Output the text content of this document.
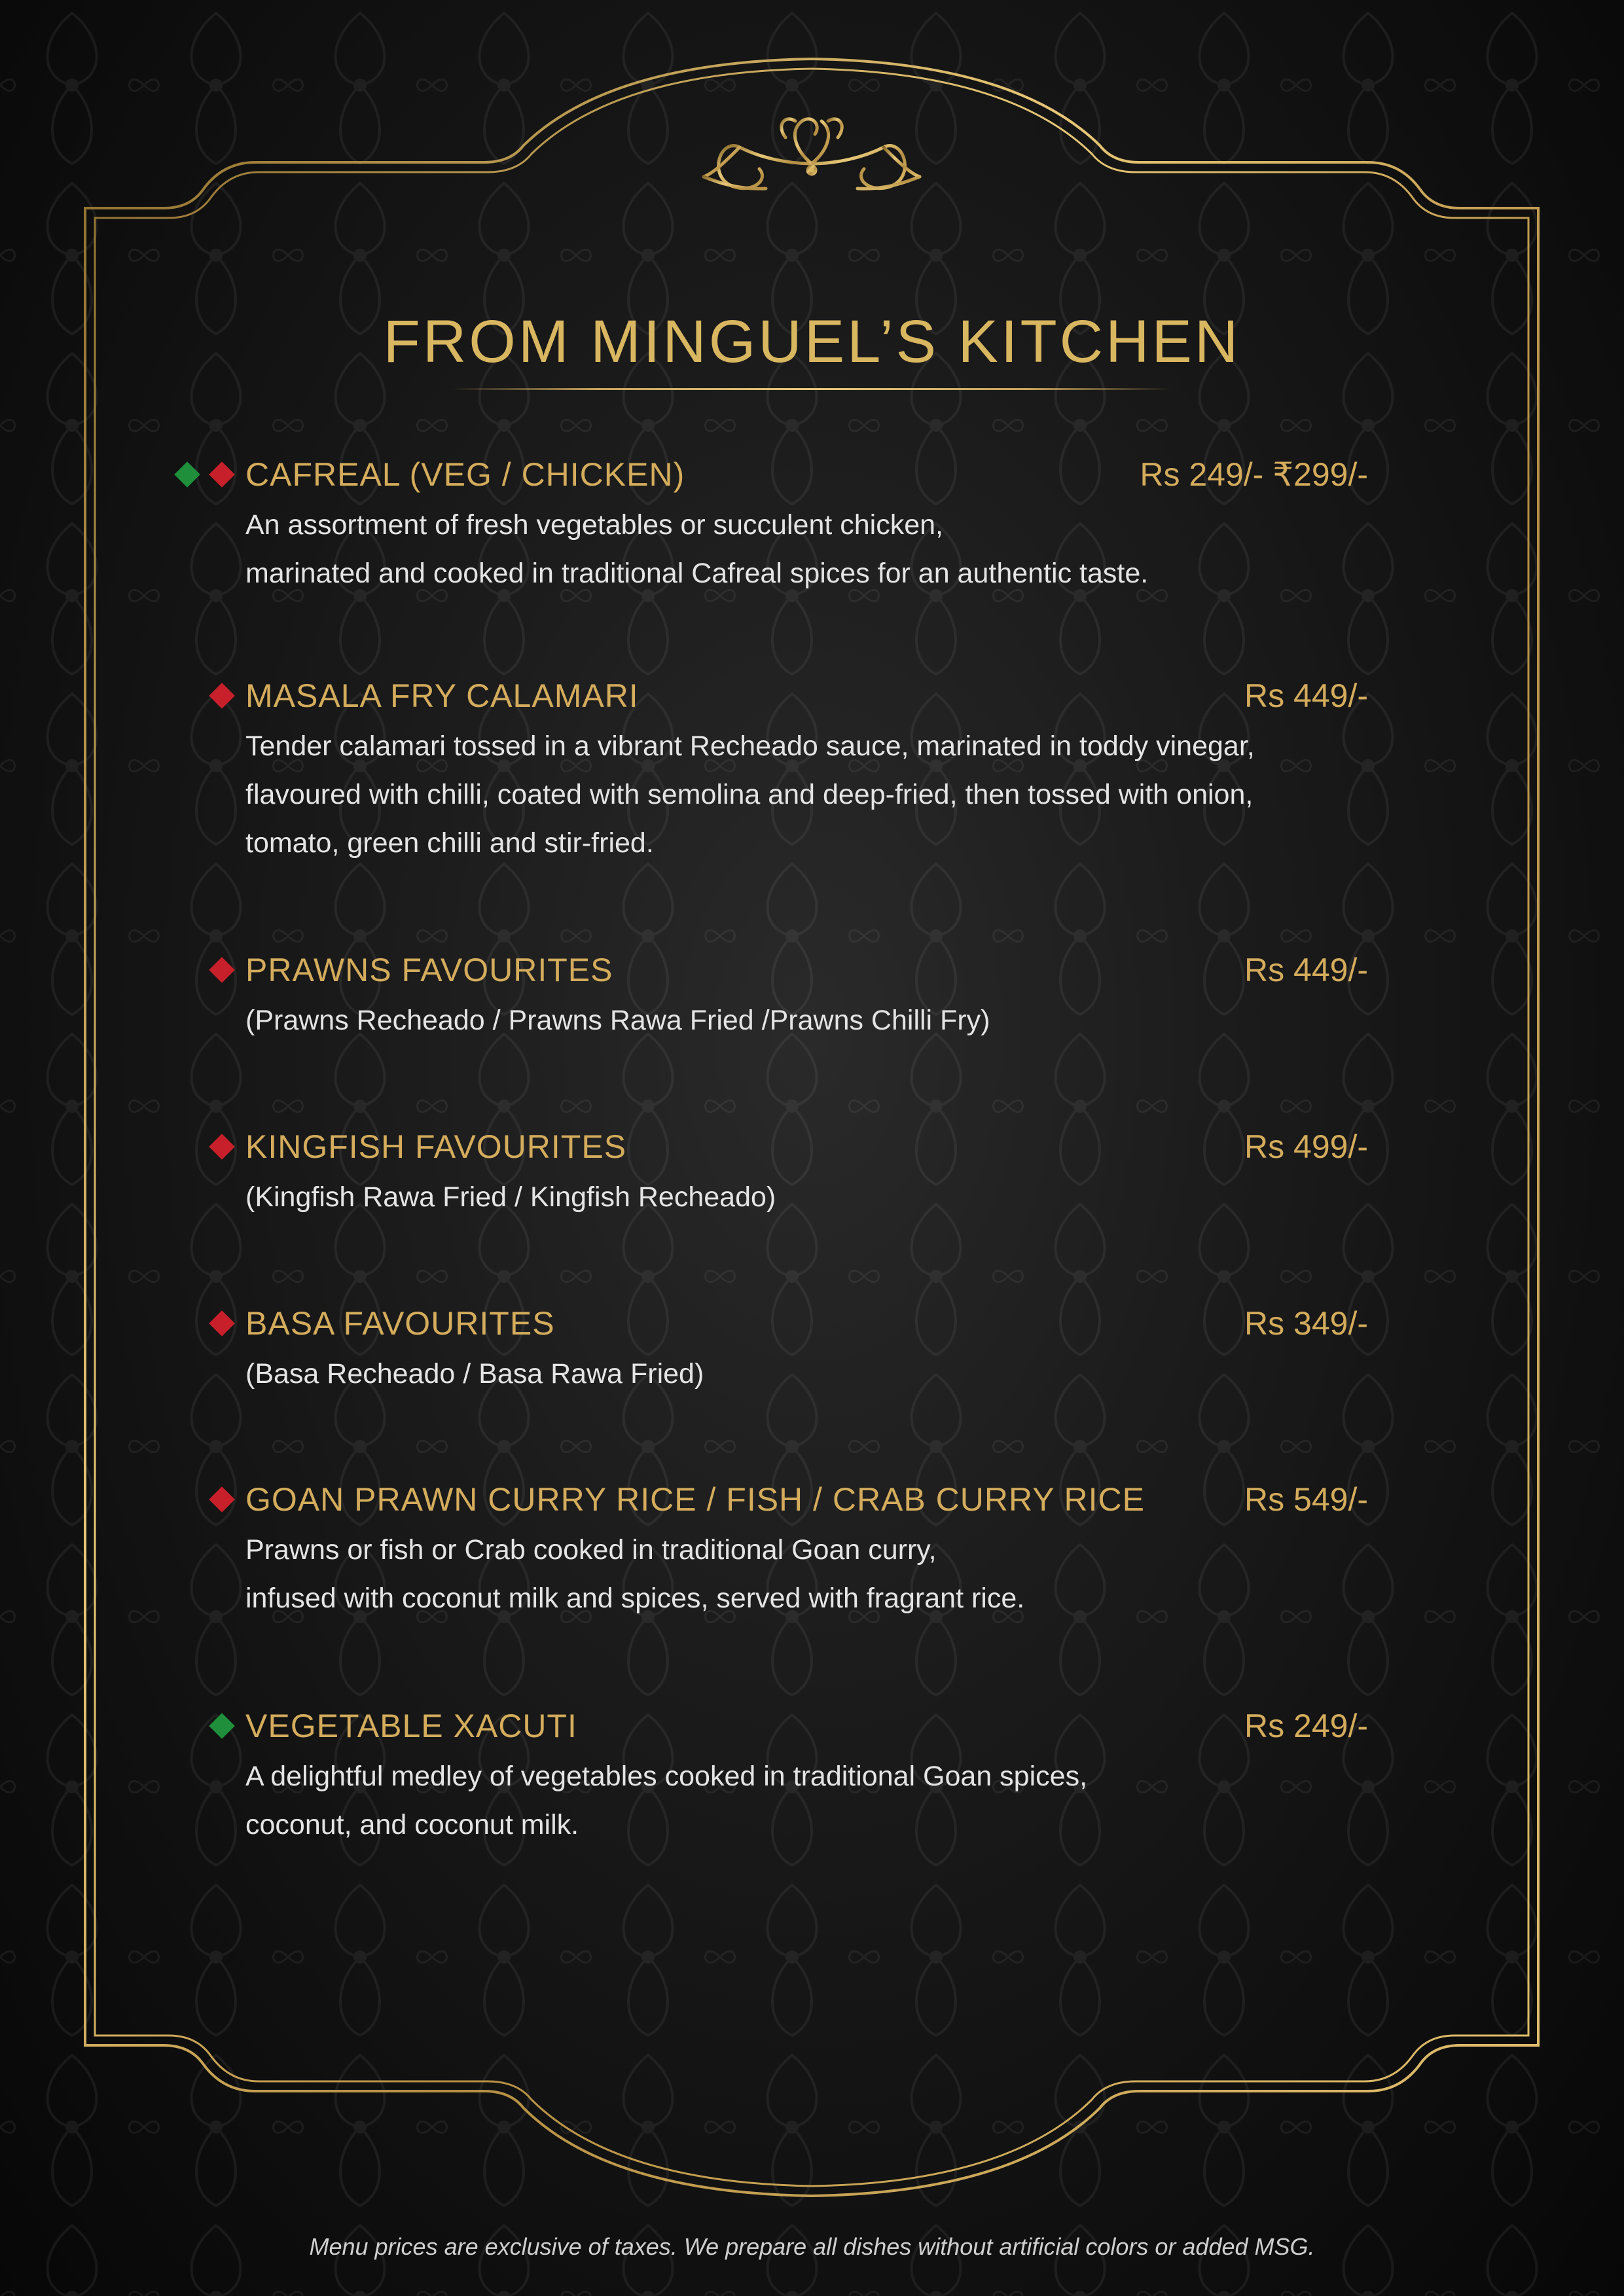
FROM MINGUEL’S KITCHEN
CAFREAL (VEG / CHICKEN)	Rs 249/- ₹299/-
An assortment of fresh vegetables or succulent chicken,
marinated and cooked in traditional Cafreal spices for an authentic taste.
MASALA FRY CALAMARI	Rs 449/-
Tender calamari tossed in a vibrant Recheado sauce, marinated in toddy vinegar,
flavoured with chilli, coated with semolina and deep-fried, then tossed with onion,
tomato, green chilli and stir-fried.
PRAWNS FAVOURITES	Rs 449/-
(Prawns Recheado / Prawns Rawa Fried /Prawns Chilli Fry)
KINGFISH FAVOURITES	Rs 499/-
(Kingfish Rawa Fried / Kingfish Recheado)
BASA FAVOURITES	Rs 349/-
(Basa Recheado / Basa Rawa Fried)
GOAN PRAWN CURRY RICE / FISH / CRAB CURRY RICE	Rs 549/-
Prawns or fish or Crab cooked in traditional Goan curry,
infused with coconut milk and spices, served with fragrant rice.
VEGETABLE XACUTI	Rs 249/-
A delightful medley of vegetables cooked in traditional Goan spices,
coconut, and coconut milk.
Menu prices are exclusive of taxes. We prepare all dishes without artificial colors or added MSG.
